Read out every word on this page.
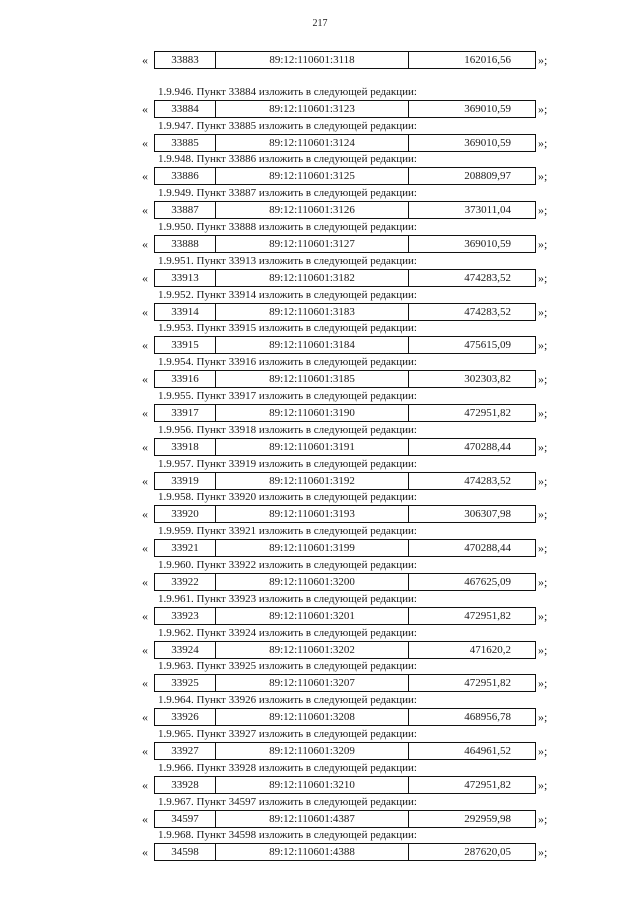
217
«	33883	89:12:110601:3118	162016,56	»;
1.9.946. Пункт 33884 изложить в следующей редакции:
«	33884	89:12:110601:3123	369010,59	»;
1.9.947. Пункт 33885 изложить в следующей редакции:
«	33885	89:12:110601:3124	369010,59	»;
1.9.948. Пункт 33886 изложить в следующей редакции:
«	33886	89:12:110601:3125	208809,97	»;
1.9.949. Пункт 33887 изложить в следующей редакции:
«	33887	89:12:110601:3126	373011,04	»;
1.9.950. Пункт 33888 изложить в следующей редакции:
«	33888	89:12:110601:3127	369010,59	»;
1.9.951. Пункт 33913 изложить в следующей редакции:
«	33913	89:12:110601:3182	474283,52	»;
1.9.952. Пункт 33914 изложить в следующей редакции:
«	33914	89:12:110601:3183	474283,52	»;
1.9.953. Пункт 33915 изложить в следующей редакции:
«	33915	89:12:110601:3184	475615,09	»;
1.9.954. Пункт 33916 изложить в следующей редакции:
«	33916	89:12:110601:3185	302303,82	»;
1.9.955. Пункт 33917 изложить в следующей редакции:
«	33917	89:12:110601:3190	472951,82	»;
1.9.956. Пункт 33918 изложить в следующей редакции:
«	33918	89:12:110601:3191	470288,44	»;
1.9.957. Пункт 33919 изложить в следующей редакции:
«	33919	89:12:110601:3192	474283,52	»;
1.9.958. Пункт 33920 изложить в следующей редакции:
«	33920	89:12:110601:3193	306307,98	»;
1.9.959. Пункт 33921 изложить в следующей редакции:
«	33921	89:12:110601:3199	470288,44	»;
1.9.960. Пункт 33922 изложить в следующей редакции:
«	33922	89:12:110601:3200	467625,09	»;
1.9.961. Пункт 33923 изложить в следующей редакции:
«	33923	89:12:110601:3201	472951,82	»;
1.9.962. Пункт 33924 изложить в следующей редакции:
«	33924	89:12:110601:3202	471620,2	»;
1.9.963. Пункт 33925 изложить в следующей редакции:
«	33925	89:12:110601:3207	472951,82	»;
1.9.964. Пункт 33926 изложить в следующей редакции:
«	33926	89:12:110601:3208	468956,78	»;
1.9.965. Пункт 33927 изложить в следующей редакции:
«	33927	89:12:110601:3209	464961,52	»;
1.9.966. Пункт 33928 изложить в следующей редакции:
«	33928	89:12:110601:3210	472951,82	»;
1.9.967. Пункт 34597 изложить в следующей редакции:
«	34597	89:12:110601:4387	292959,98	»;
1.9.968. Пункт 34598 изложить в следующей редакции:
«	34598	89:12:110601:4388	287620,05	»;
